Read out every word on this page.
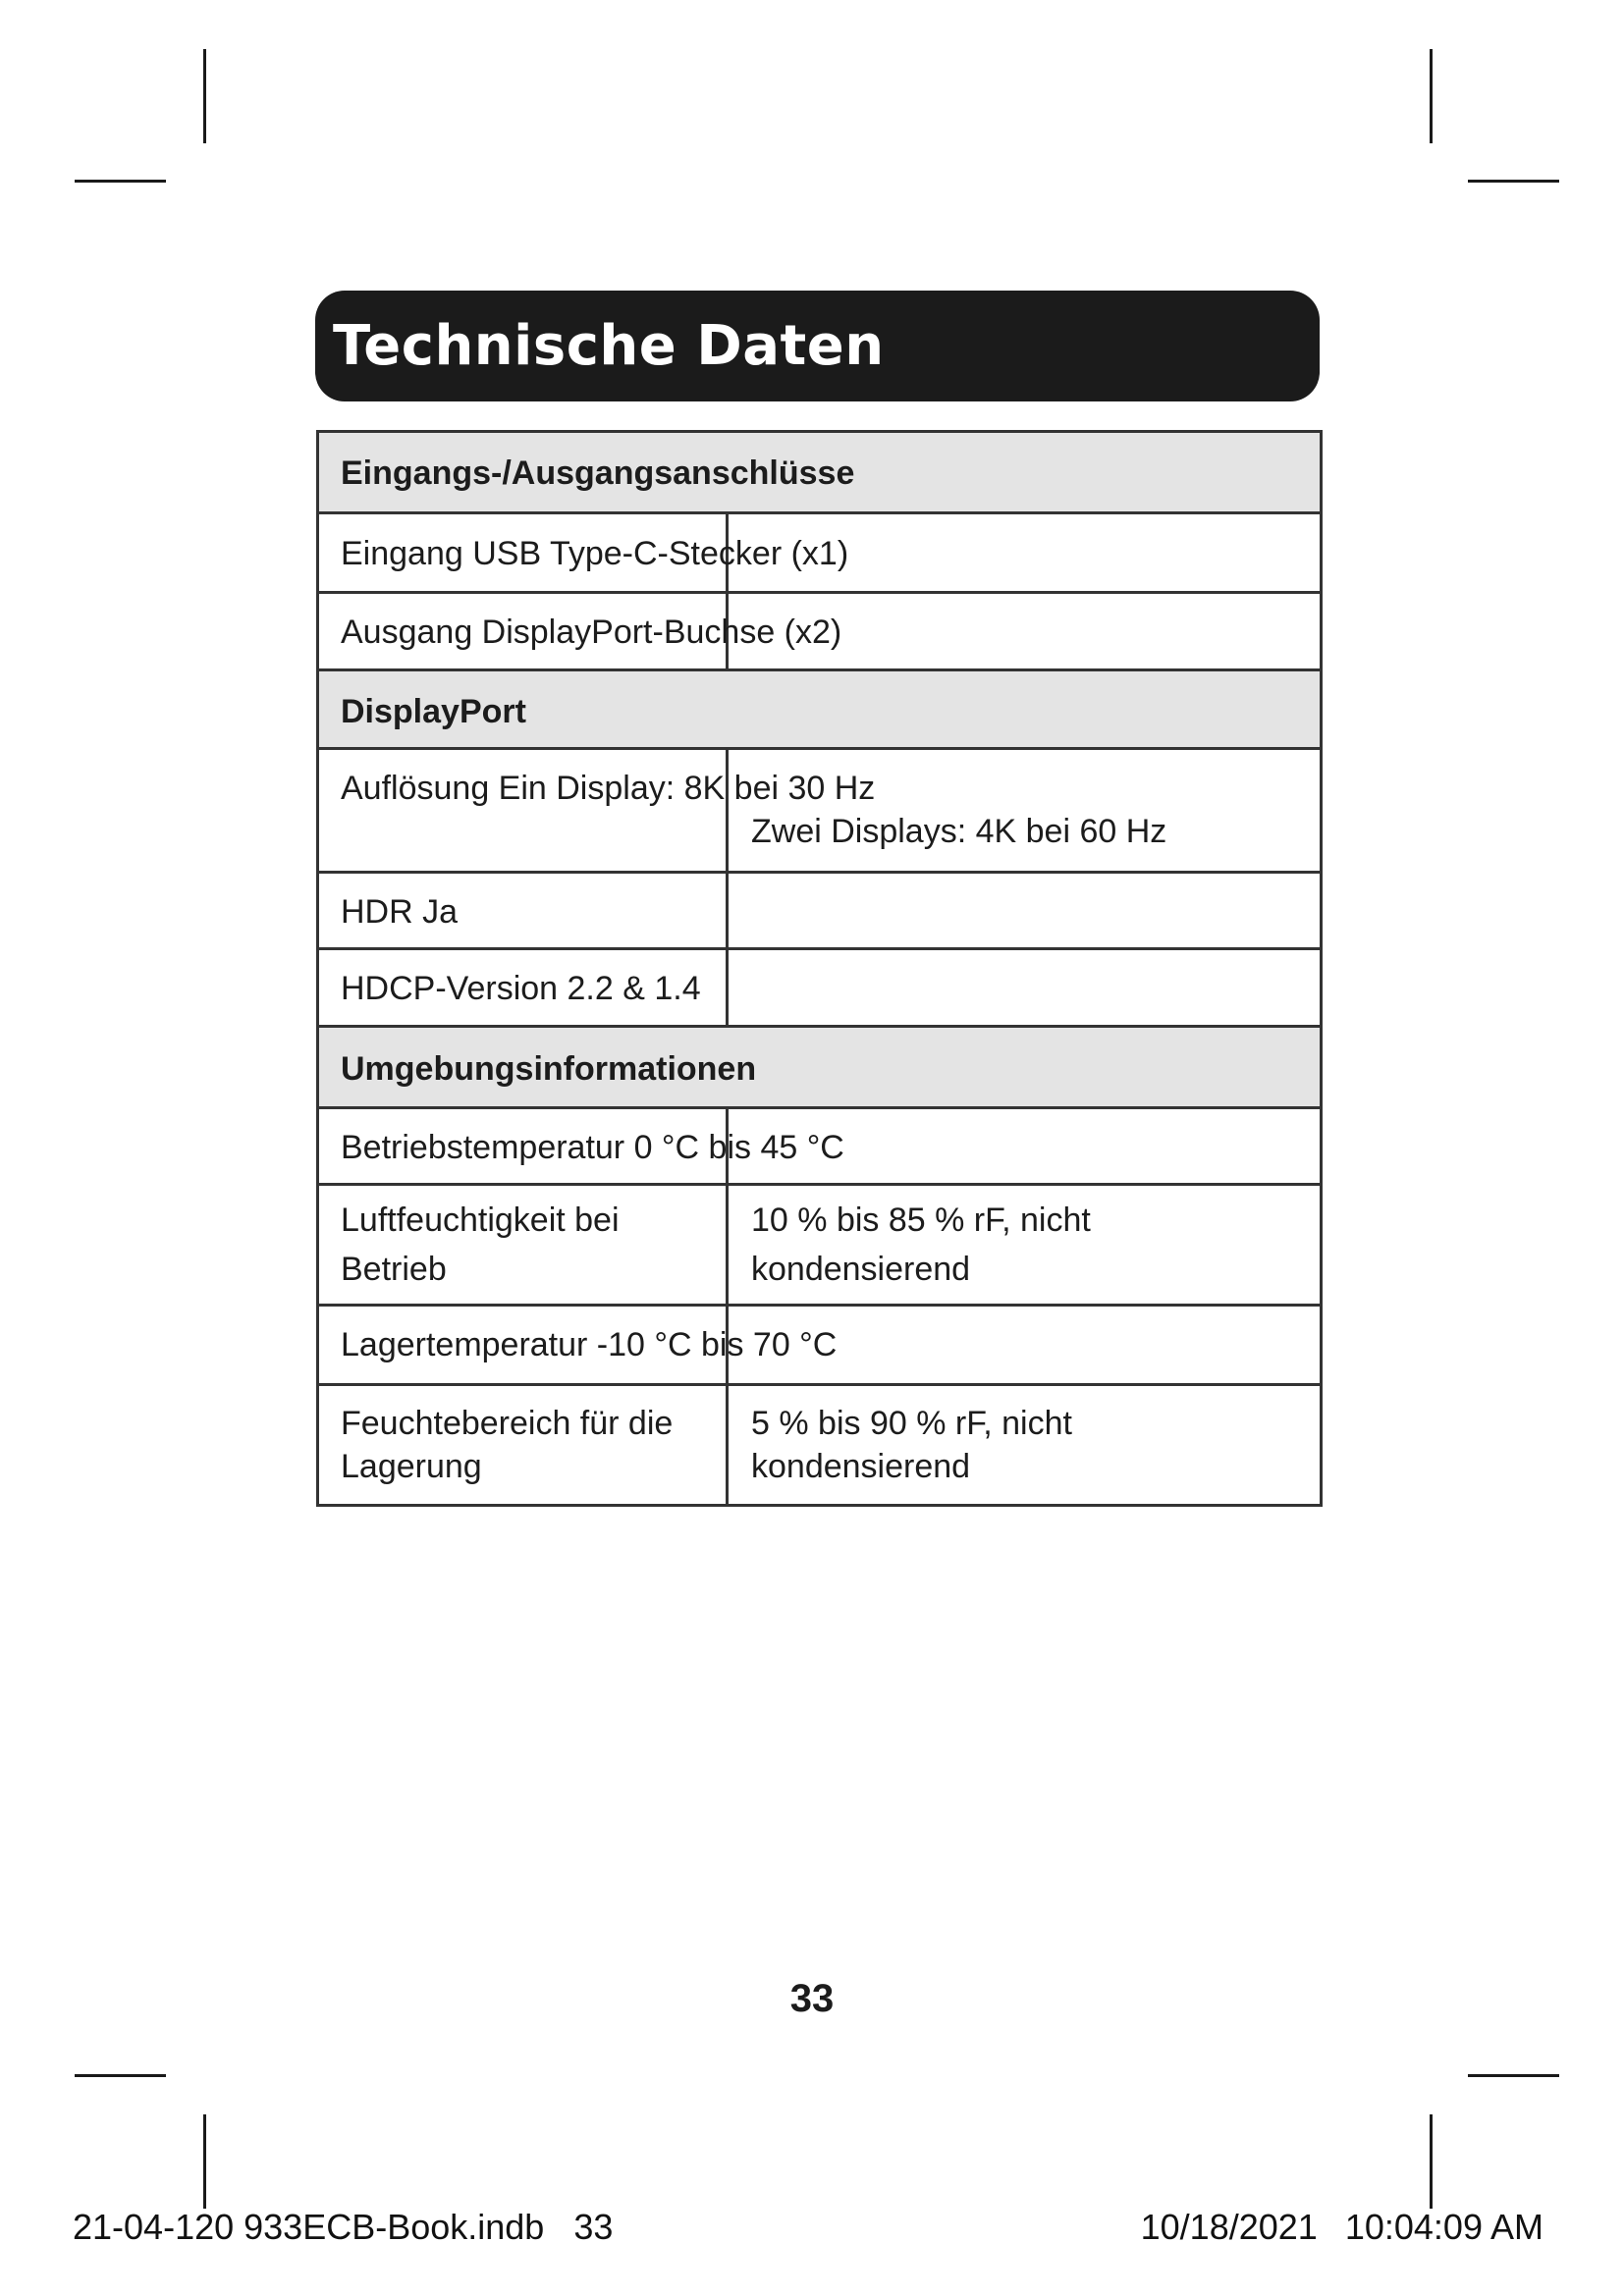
Technische Daten
Eingangs-/Ausgangsanschlüsse
Eingang USB Type-C-Stecker (x1)
Ausgang DisplayPort-Buchse (x2)
DisplayPort
Auflösung Ein Display: 8K bei 30 Hz
Zwei Displays: 4K bei 60 Hz
HDR Ja
HDCP-Version 2.2 & 1.4
Umgebungsinformationen
Betriebstemperatur 0 °C bis 45 °C
Luftfeuchtigkeit bei
Betrieb
10 % bis 85 % rF, nicht
kondensierend
Lagertemperatur -10 °C bis 70 °C
Feuchtebereich für die
Lagerung
5 % bis 90 % rF, nicht
kondensierend
33
21-04-120 933ECB-Book.indb   33	10/18/2021 10:04:09 AM
